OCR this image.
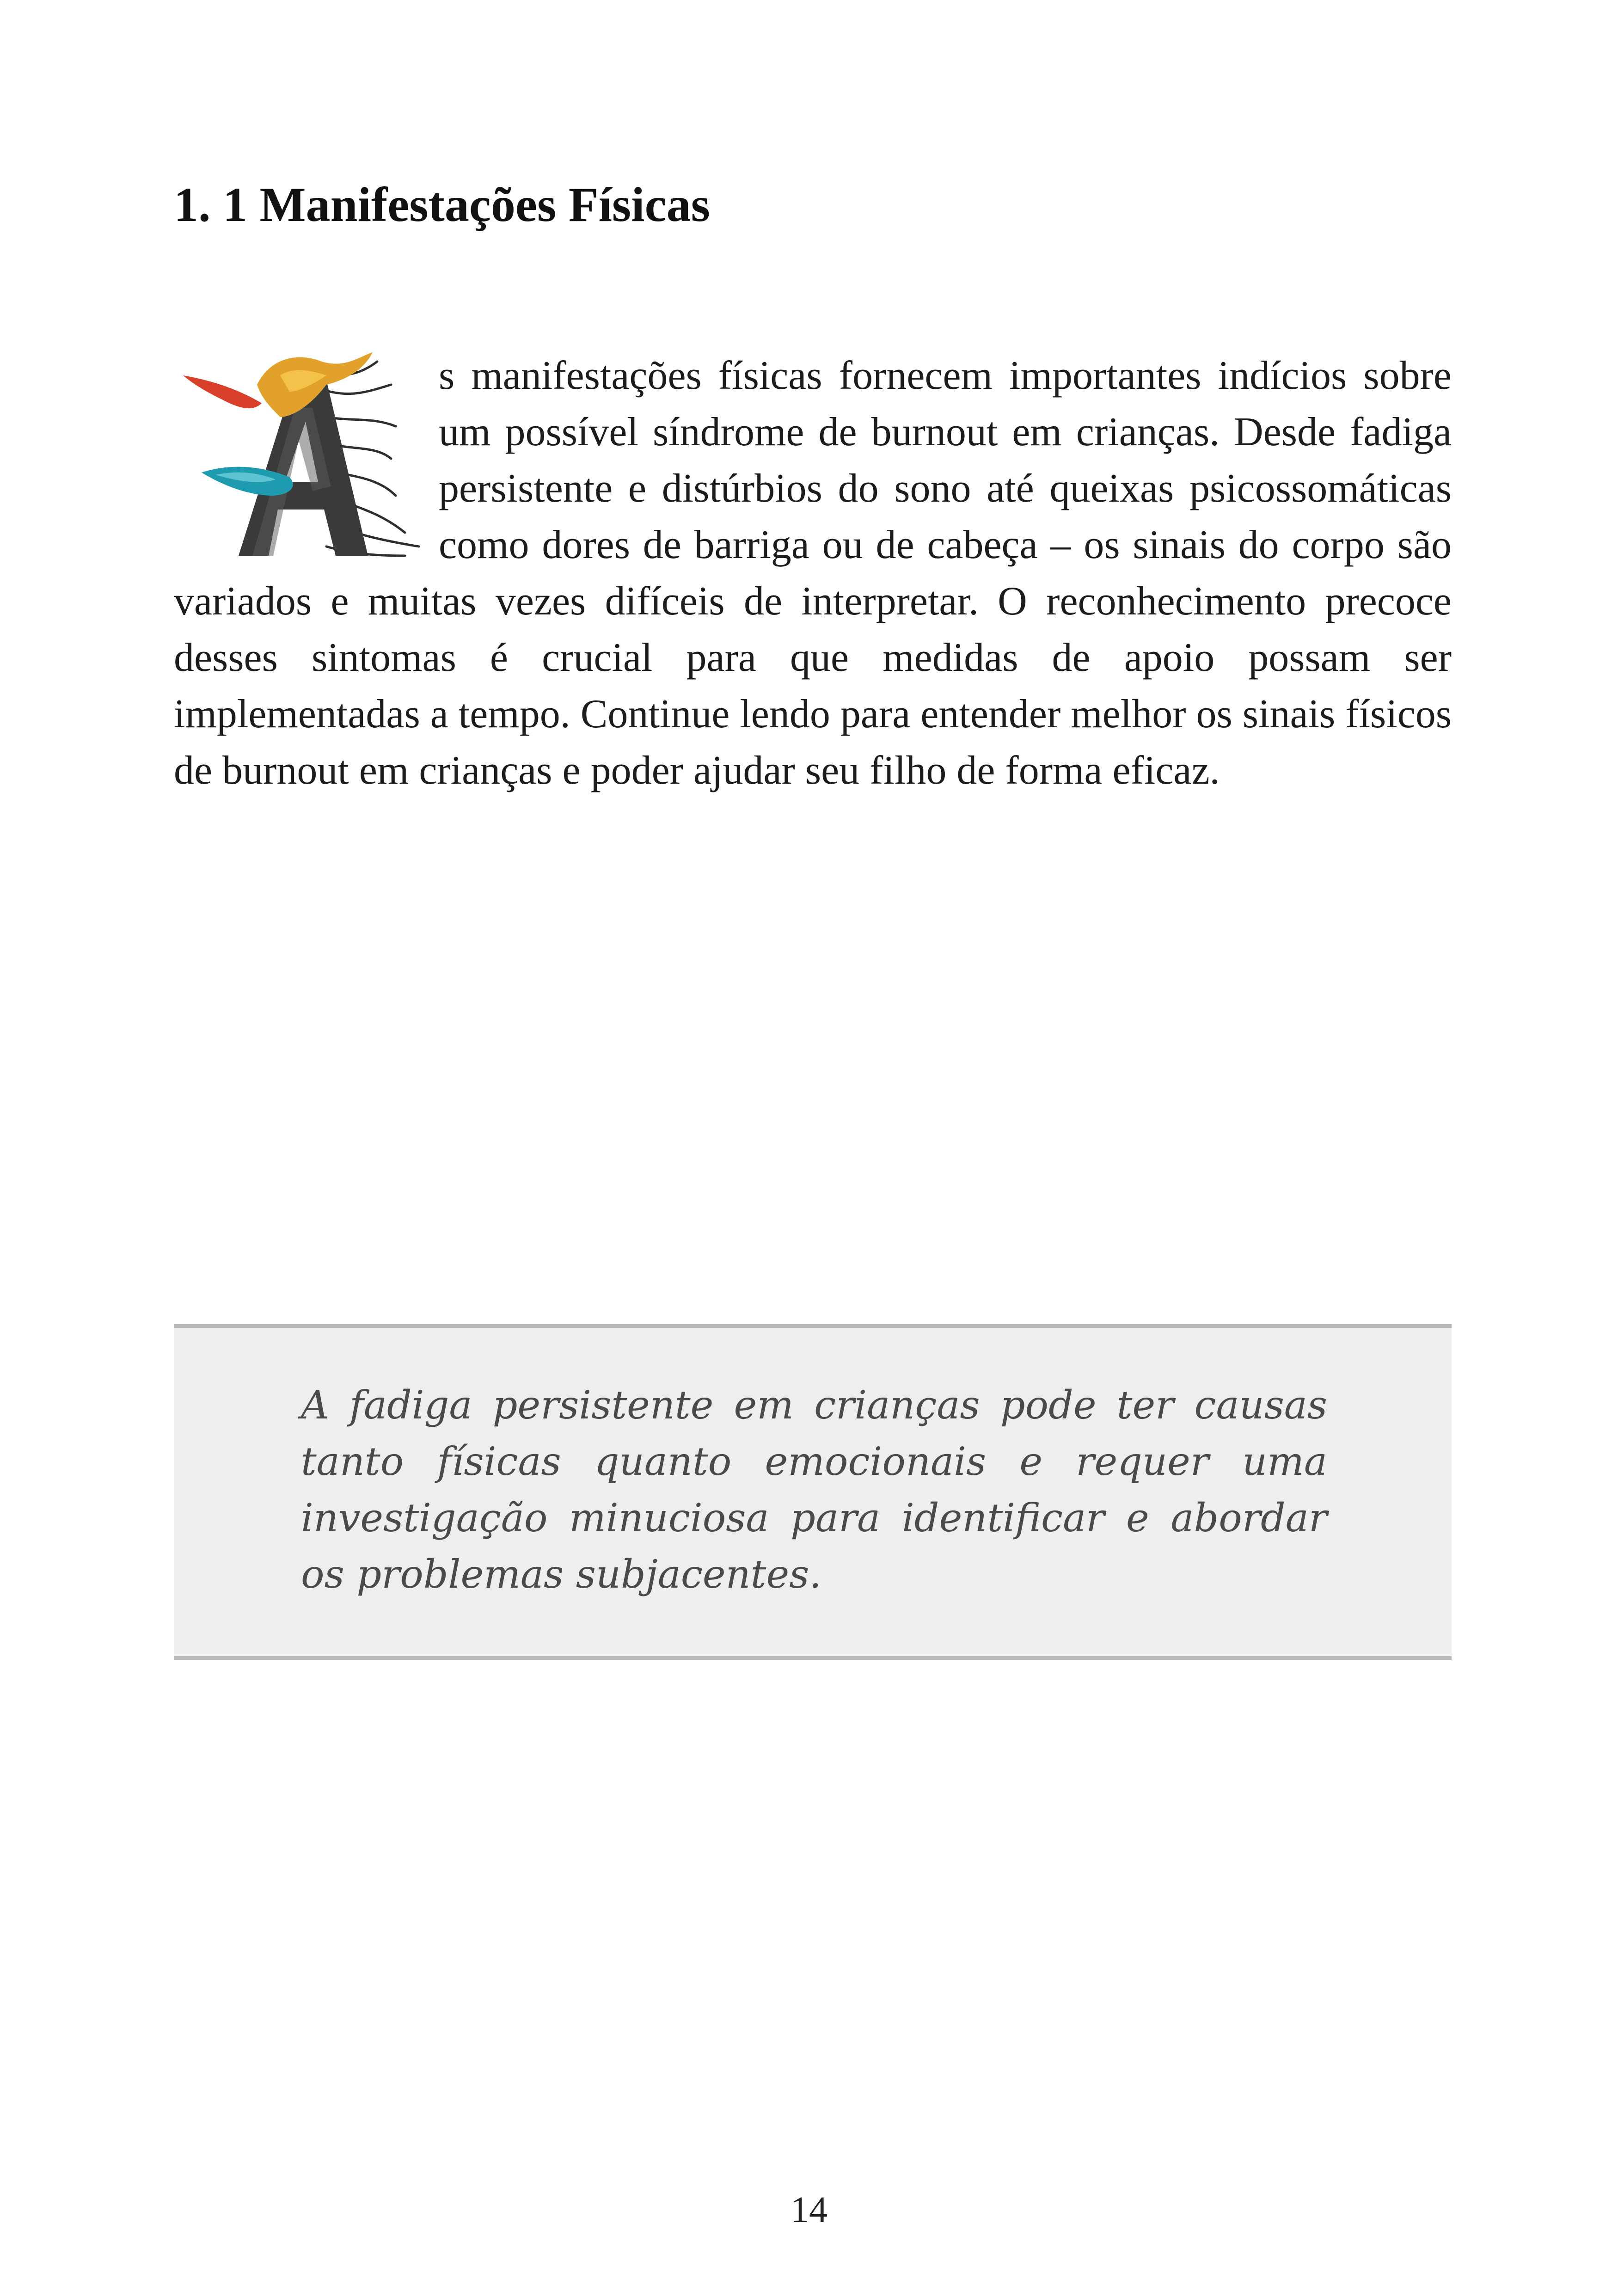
1. 1 Manifestações Físicas

s manifestações físicas fornecem importantes indícios sobre um possível síndrome de burnout em crianças. Desde fadiga persistente e distúrbios do sono até queixas psicossomáticas como dores de barriga ou de cabeça – os sinais do corpo são variados e muitas vezes difíceis de interpretar. O reconhecimento precoce desses sintomas é crucial para que medidas de apoio possam ser implementadas a tempo. Continue lendo para entender melhor os sinais físicos de burnout em crianças e poder ajudar seu filho de forma eficaz.

A fadiga persistente em crianças pode ter causas tanto físicas quanto emocionais e requer uma investigação minuciosa para identificar e abordar os problemas subjacentes.

14
